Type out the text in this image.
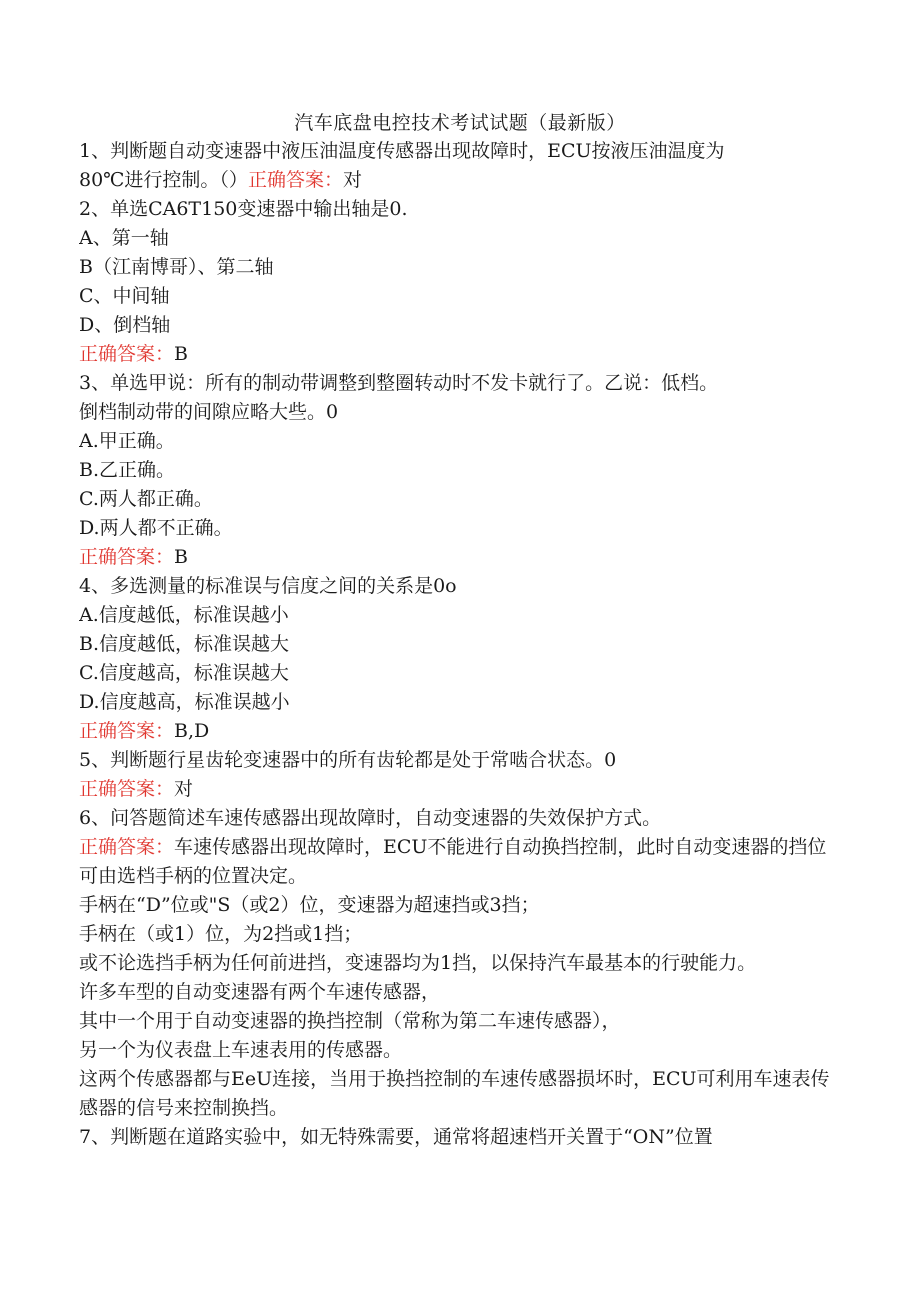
汽车底盘电控技术考试试题（最新版）
1、判断题自动变速器中液压油温度传感器出现故障时，ECU按液压油温度为
80℃进行控制。（）正确答案：对
2、单选CA6T150变速器中输出轴是0.
A、第一轴
B（江南博哥）、第二轴
C、中间轴
D、倒档轴
正确答案：B
3、单选甲说：所有的制动带调整到整圈转动时不发卡就行了。乙说：低档。
倒档制动带的间隙应略大些。0
A.甲正确。
B.乙正确。
C.两人都正确。
D.两人都不正确。
正确答案：B
4、多选测量的标准误与信度之间的关系是0o
A.信度越低，标准误越小
B.信度越低，标准误越大
C.信度越高，标准误越大
D.信度越高，标准误越小
正确答案：B,D
5、判断题行星齿轮变速器中的所有齿轮都是处于常啮合状态。0
正确答案：对
6、问答题简述车速传感器出现故障时，自动变速器的失效保护方式。
正确答案：车速传感器出现故障时，ECU不能进行自动换挡控制，此时自动变速器的挡位可由选档手柄的位置决定。
手柄在“D”位或"S（或2）位，变速器为超速挡或3挡；
手柄在（或1）位，为2挡或1挡；
或不论选挡手柄为任何前进挡，变速器均为1挡，以保持汽车最基本的行驶能力。
许多车型的自动变速器有两个车速传感器，
其中一个用于自动变速器的换挡控制（常称为第二车速传感器），
另一个为仪表盘上车速表用的传感器。
这两个传感器都与EeU连接，当用于换挡控制的车速传感器损坏时，ECU可利用车速表传感器的信号来控制换挡。
7、判断题在道路实验中，如无特殊需要，通常将超速档开关置于“ON”位置
